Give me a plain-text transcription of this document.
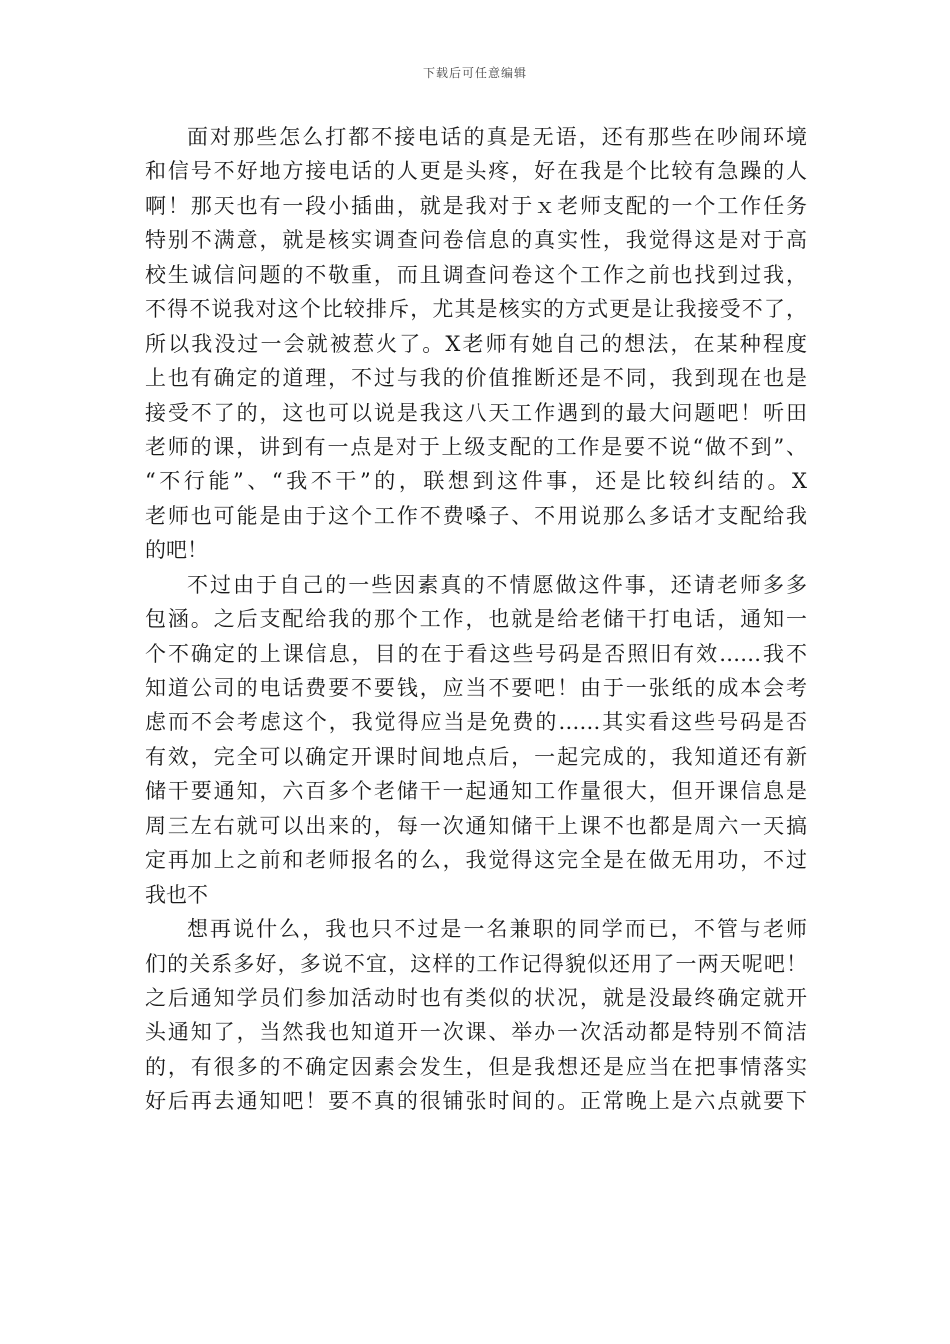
下载后可任意编辑
面对那些怎么打都不接电话的真是无语，还有那些在吵闹环境
和信号不好地方接电话的人更是头疼，好在我是个比较有急躁的人
啊！那天也有一段小插曲，就是我对于ｘ老师支配的一个工作任务
特别不满意，就是核实调查问卷信息的真实性，我觉得这是对于高
校生诚信问题的不敬重，而且调查问卷这个工作之前也找到过我，
不得不说我对这个比较排斥，尤其是核实的方式更是让我接受不了，
所以我没过一会就被惹火了。X老师有她自己的想法，在某种程度
上也有确定的道理，不过与我的价值推断还是不同，我到现在也是
接受不了的，这也可以说是我这八天工作遇到的最大问题吧！听田
老师的课，讲到有一点是对于上级支配的工作是要不说“做不到”、
“不行能”、“我不干”的，联想到这件事，还是比较纠结的。X
老师也可能是由于这个工作不费嗓子、不用说那么多话才支配给我
的吧！
不过由于自己的一些因素真的不情愿做这件事，还请老师多多
包涵。之后支配给我的那个工作，也就是给老储干打电话，通知一
个不确定的上课信息，目的在于看这些号码是否照旧有效……我不
知道公司的电话费要不要钱，应当不要吧！由于一张纸的成本会考
虑而不会考虑这个，我觉得应当是免费的……其实看这些号码是否
有效，完全可以确定开课时间地点后，一起完成的，我知道还有新
储干要通知，六百多个老储干一起通知工作量很大，但开课信息是
周三左右就可以出来的，每一次通知储干上课不也都是周六一天搞
定再加上之前和老师报名的么，我觉得这完全是在做无用功，不过
我也不
想再说什么，我也只不过是一名兼职的同学而已，不管与老师
们的关系多好，多说不宜，这样的工作记得貌似还用了一两天呢吧！
之后通知学员们参加活动时也有类似的状况，就是没最终确定就开
头通知了，当然我也知道开一次课、举办一次活动都是特别不简洁
的，有很多的不确定因素会发生，但是我想还是应当在把事情落实
好后再去通知吧！要不真的很铺张时间的。正常晚上是六点就要下
